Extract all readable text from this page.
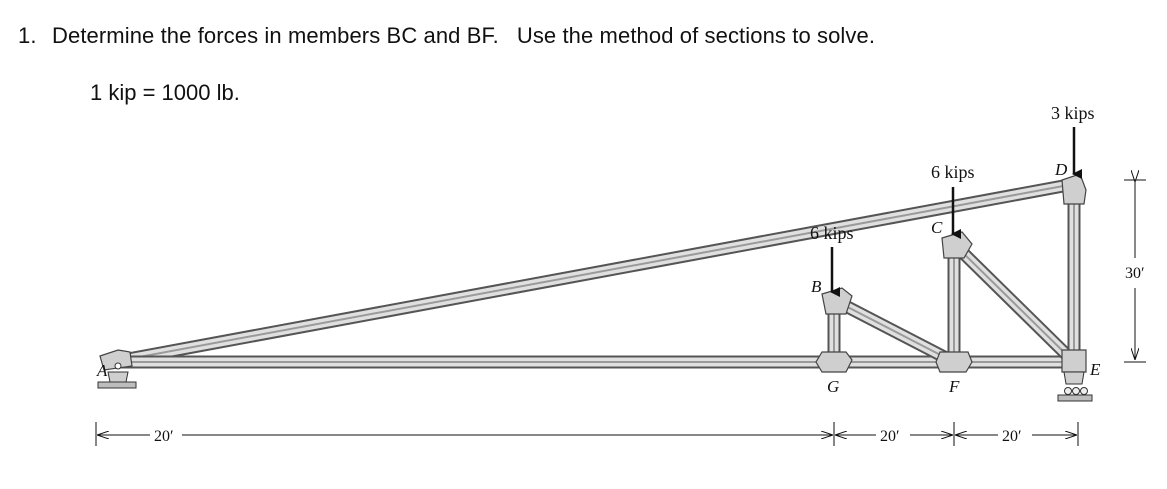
1. Determine the forces in members BC and BF. Use the method of sections to solve.
1 kip = 1000 lb.
A
B
C
D
E
F
G
6 kips
6 kips
3 kips
30′
20′	20′	20′
